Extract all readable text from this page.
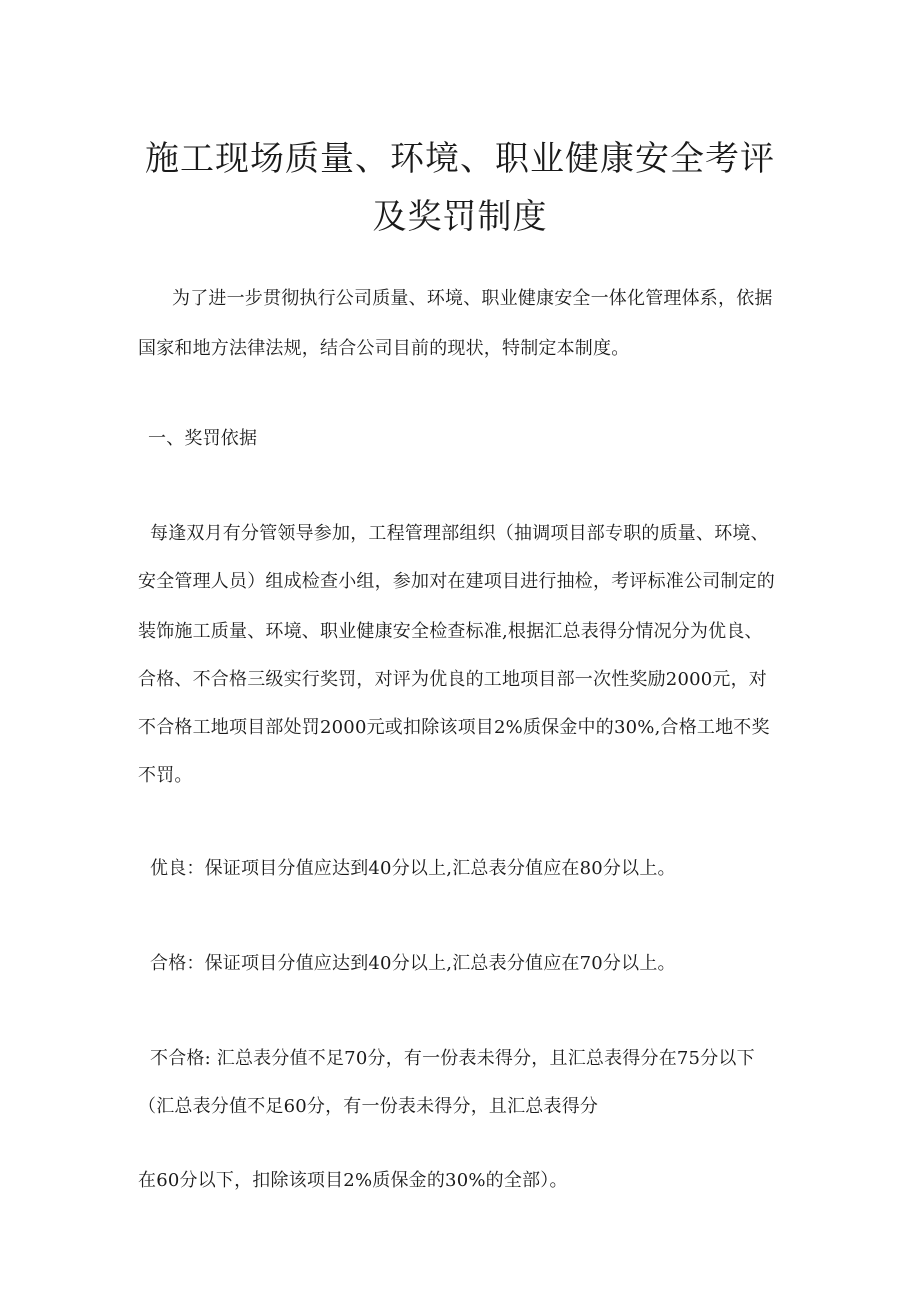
施工现场质量、环境、职业健康安全考评
及奖罚制度
为了进一步贯彻执行公司质量、环境、职业健康安全一体化管理体系，依据
国家和地方法律法规，结合公司目前的现状，特制定本制度。
一、奖罚依据
每逢双月有分管领导参加，工程管理部组织（抽调项目部专职的质量、环境、
安全管理人员）组成检查小组，参加对在建项目进行抽检，考评标准公司制定的
装饰施工质量、环境、职业健康安全检查标准,根据汇总表得分情况分为优良、
合格、不合格三级实行奖罚，对评为优良的工地项目部一次性奖励2000元，对
不合格工地项目部处罚2000元或扣除该项目2%质保金中的30%,合格工地不奖
不罚。
优良：保证项目分值应达到40分以上,汇总表分值应在80分以上。
合格：保证项目分值应达到40分以上,汇总表分值应在70分以上。
不合格: 汇总表分值不足70分，有一份表未得分，且汇总表得分在75分以下
（汇总表分值不足60分，有一份表未得分，且汇总表得分
在60分以下，扣除该项目2%质保金的30%的全部）。
